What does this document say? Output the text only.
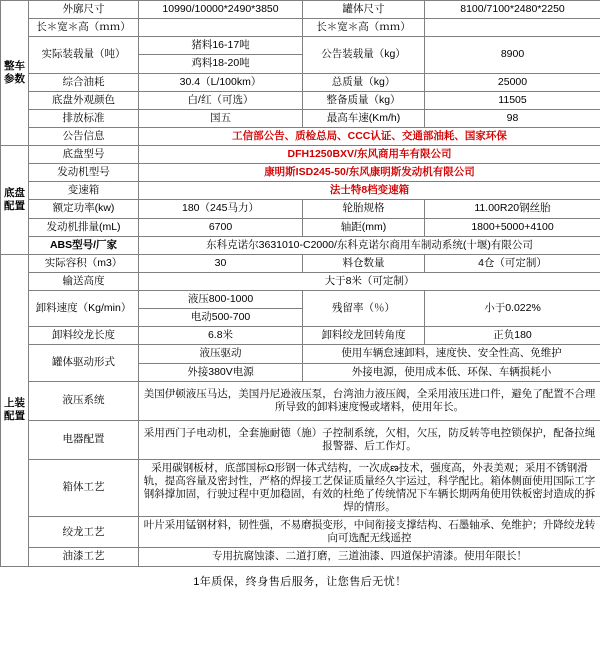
整车参数	外廓尺寸	10990/10000*2490*3850	罐体尺寸	8100/7100*2480*2250
	长＊宽＊高（ｍｍ）		长＊宽＊高（ｍｍ）	
	实际装载量（吨）	猪料16-17吨	公告装载量（kg）	8900
		鸡料18-20吨		
	综合油耗	30.4（L/100km）	总质量（kg）	25000
	底盘外观颜色	白/红（可选）	整备质量（kg）	11505
	排放标准	国五	最高车速(Km/h)	98
	公告信息	工信部公告、质检总局、CCC认证、交通部油耗、国家环保		
底盘配置	底盘型号	DFH1250BXV/东风商用车有限公司		
	发动机型号	康明斯ISD245-50/东风康明斯发动机有限公司		
	变速箱	法士特8档变速箱		
	额定功率(kw)	180（245马力）	轮胎规格	11.00R20钢丝胎
	发动机排量(mL)	6700	轴距(mm)	1800+5000+4100
	ABS型号/厂家	东科克诺尔3631010-C2000/东科克诺尔商用车制动系统(十堰)有限公司		
上装配置	实际容积（m3）	30	料仓数量	4仓（可定制）
	输送高度	大于8米（可定制）		
	卸料速度（Kg/min）	液压800-1000	残留率（％）	小于0.022%
		电动500-700		
	卸料绞龙长度	6.8米	卸料绞龙回转角度	正负180
	罐体驱动形式	液压驱动	使用车辆怠速卸料，速度快、安全性高、免维护	
		外接380V电源	外接电源，使用成本低、环保、车辆损耗小	
	液压系统	美国伊顿液压马达，美国丹尼逊液压泵，台湾油力液压阀，全采用液压进口件，避免了配置不合理所导致的卸料速度慢或堵料，使用年长。		
	电器配置	采用西门子电动机，全套施耐德（施）子控制系统，欠相，欠压，防反转等电控锁保护，配备拉绳报警器、后工作灯。		
	箱体工艺	采用碳钢板材，底部国标Ω形钢一体式结构，一次成ణ技术，强度高，外表美观；采用不锈钢滑轨，提高容量及密封性，严格的焊接工艺保证质量经久宇运过，科学配比。箱体侧面使用国际工字钢斜撑加固，行驶过程中更加稳固，有效的杜绝了传统情况下车辆长期两角使用铁板密封造成的拆焊的情形。		
	绞龙工艺	叶片采用锰钢材料，韧性强，不易磨损变形，中间衔接支撑结构、石墨轴承、免维护；升降绞龙转向可选配无线遥控		
	油漆工艺	专用抗腐蚀漆、二道打磨，三道油漆、四道保护清漆。使用年限长！		
1年质保，终身售后服务，让您售后无忧！
